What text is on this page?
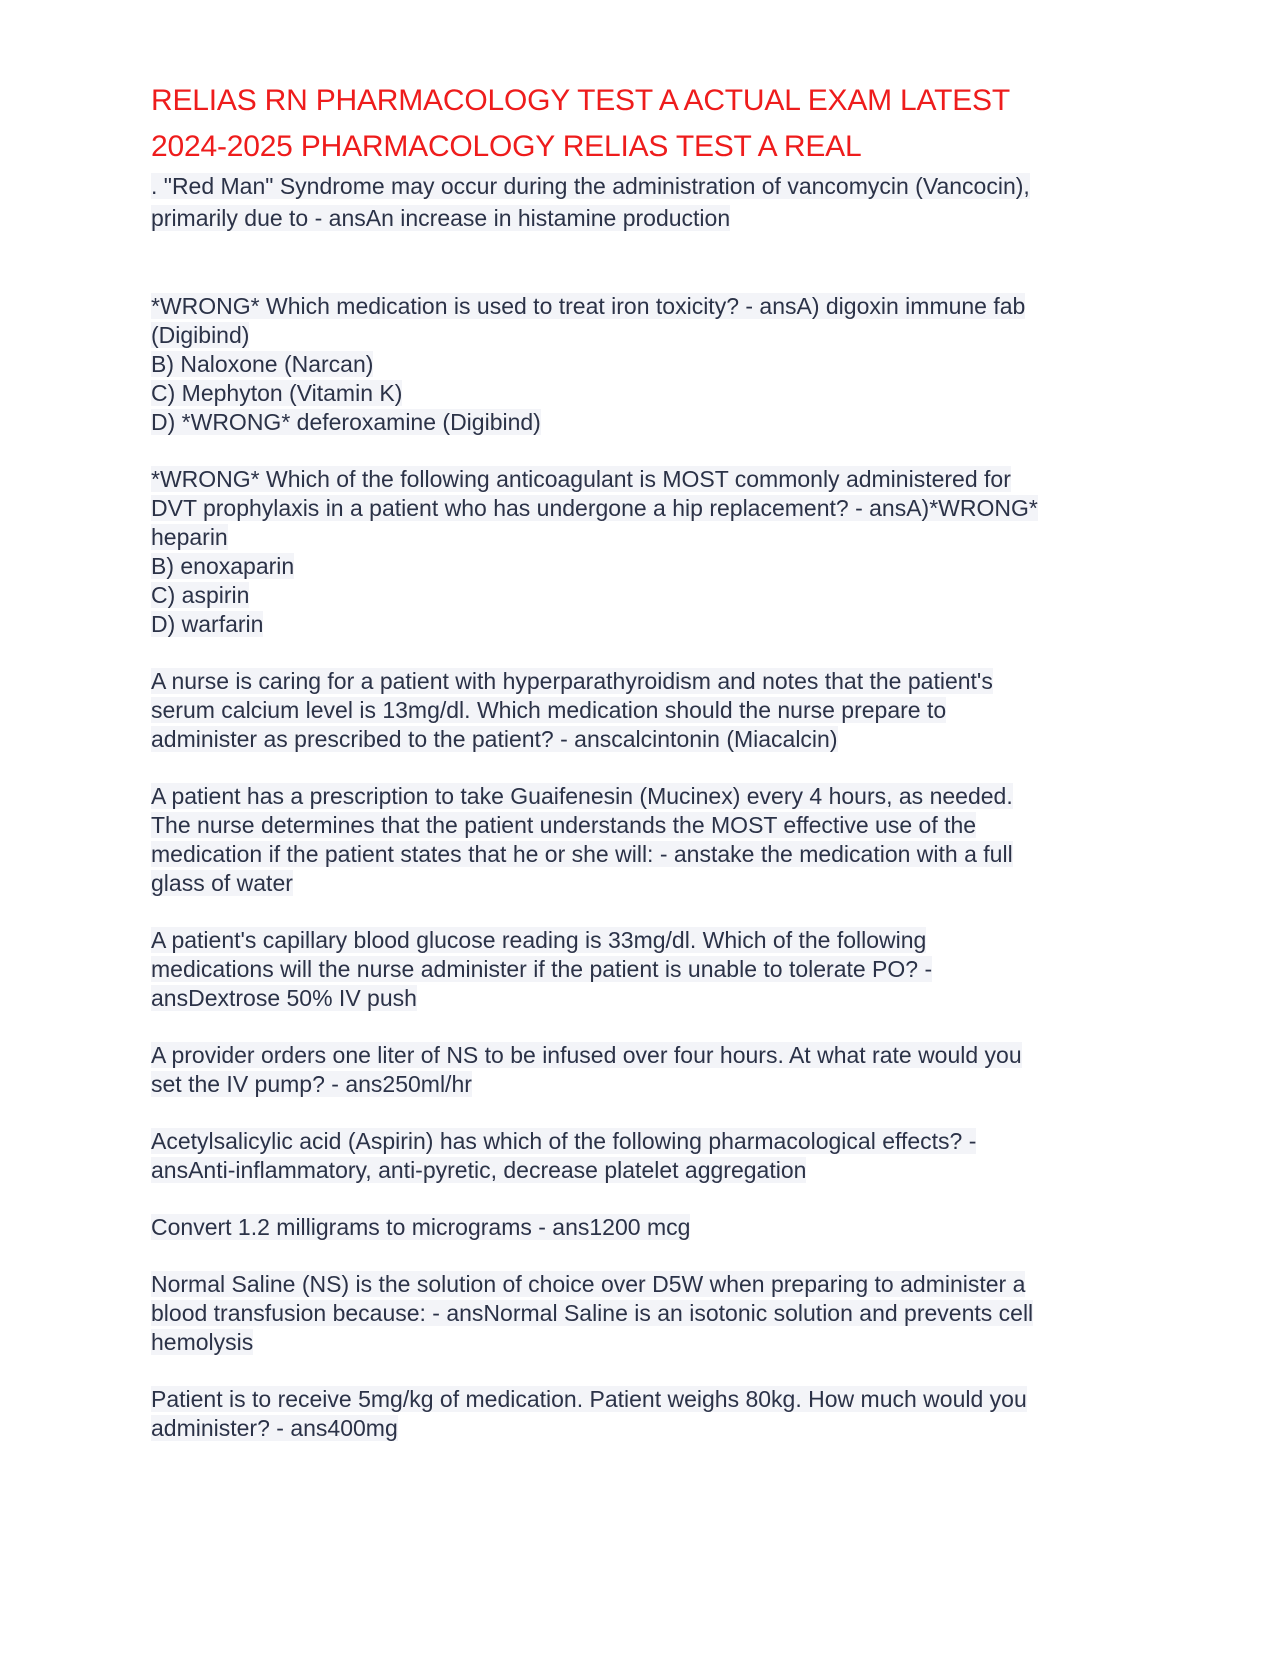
RELIAS RN PHARMACOLOGY TEST A ACTUAL EXAM LATEST
2024-2025 PHARMACOLOGY RELIAS TEST A REAL
. "Red Man" Syndrome may occur during the administration of vancomycin (Vancocin),
primarily due to - ansAn increase in histamine production
*WRONG* Which medication is used to treat iron toxicity? - ansA) digoxin immune fab
(Digibind)
B) Naloxone (Narcan)
C) Mephyton (Vitamin K)
D) *WRONG* deferoxamine (Digibind)
*WRONG* Which of the following anticoagulant is MOST commonly administered for
DVT prophylaxis in a patient who has undergone a hip replacement? - ansA)*WRONG*
heparin
B) enoxaparin
C) aspirin
D) warfarin
A nurse is caring for a patient with hyperparathyroidism and notes that the patient's
serum calcium level is 13mg/dl. Which medication should the nurse prepare to
administer as prescribed to the patient? - anscalcintonin (Miacalcin)
A patient has a prescription to take Guaifenesin (Mucinex) every 4 hours, as needed.
The nurse determines that the patient understands the MOST effective use of the
medication if the patient states that he or she will: - anstake the medication with a full
glass of water
A patient's capillary blood glucose reading is 33mg/dl. Which of the following
medications will the nurse administer if the patient is unable to tolerate PO? -
ansDextrose 50% IV push
A provider orders one liter of NS to be infused over four hours. At what rate would you
set the IV pump? - ans250ml/hr
Acetylsalicylic acid (Aspirin) has which of the following pharmacological effects? -
ansAnti-inflammatory, anti-pyretic, decrease platelet aggregation
Convert 1.2 milligrams to micrograms - ans1200 mcg
Normal Saline (NS) is the solution of choice over D5W when preparing to administer a
blood transfusion because: - ansNormal Saline is an isotonic solution and prevents cell
hemolysis
Patient is to receive 5mg/kg of medication. Patient weighs 80kg. How much would you
administer? - ans400mg
